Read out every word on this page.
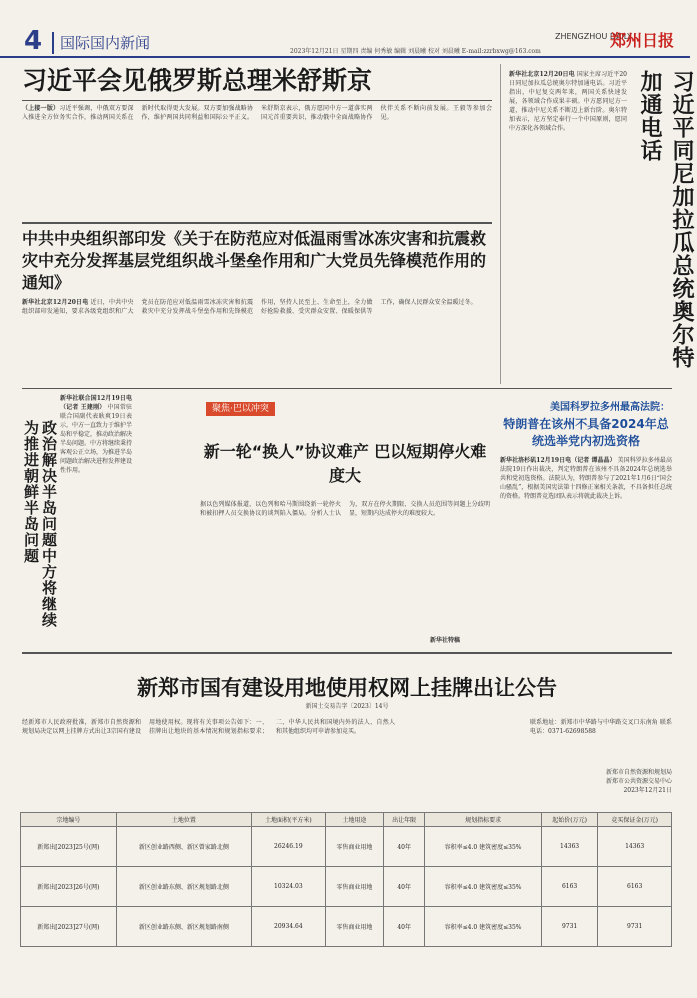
4	国际国内新闻	2023年12月21日 星期四 责编 何秀敏 编辑 刘晨曦 校对 刘晨曦 E-mail:zzrbxwg@163.com
ZHENGZHOU DAILY
郑州日报
习近平会见俄罗斯总理米舒斯京
（上接一版）习近平强调，中俄双方要深入推进全方位务实合作，推动两国关系在新时代取得更大发展。双方要加强战略协作，维护两国共同利益和国际公平正义。米舒斯京表示，俄方愿同中方一道落实两国元首重要共识，推动俄中全面战略协作伙伴关系不断向前发展。王毅等参加会见。
新华社北京12月20日电 国家主席习近平20日同尼加拉瓜总统奥尔特加通电话。习近平指出，中尼复交两年来，两国关系快速发展，各领域合作成果丰硕。中方愿同尼方一道，推动中尼关系不断迈上新台阶。奥尔特加表示，尼方坚定奉行一个中国原则，愿同中方深化各领域合作。	习近平同尼加拉瓜总统奥尔特加通电话
中共中央组织部印发《关于在防范应对低温雨雪冰冻灾害和抗震救灾中充分发挥基层党组织战斗堡垒作用和广大党员先锋模范作用的通知》
新华社北京12月20日电 近日，中共中央组织部印发通知，要求各级党组织和广大党员在防范应对低温雨雪冰冻灾害和抗震救灾中充分发挥战斗堡垒作用和先锋模范作用，坚持人民至上、生命至上，全力做好抢险救援、受灾群众安置、保暖保供等工作，确保人民群众安全温暖过冬。
新华社联合国12月19日电（记者 王建刚） 中国常驻联合国副代表耿爽19日表示，中方一直致力于维护半岛和平稳定，推动政治解决半岛问题。中方将继续秉持客观公正立场，为推进半岛问题政治解决进程发挥建设性作用。
政治解决半岛问题中方将继续为推进朝鲜半岛问题
聚焦·巴以冲突
新一轮“换人”协议难产 巴以短期停火难度大
据以色列媒体报道，以色列和哈马斯围绕新一轮停火和被扣押人员交换协议的谈判陷入僵局。分析人士认为，双方在停火期限、交换人员范围等问题上分歧明显，短期内达成停火的难度较大。
新华社特稿
美国科罗拉多州最高法院：
特朗普在该州不具备2024年总统选举党内初选资格
新华社洛杉矶12月19日电（记者 谭晶晶） 美国科罗拉多州最高法院19日作出裁决，判定特朗普在该州不具备2024年总统选举共和党初选资格。法院认为，特朗普参与了2021年1月6日“国会山骚乱”，根据美国宪法第十四修正案相关条款，不具备担任总统的资格。特朗普竞选团队表示将就此裁决上诉。
新郑市国有建设用地使用权网上挂牌出让公告
新国土交易告字〔2023〕14号
经新郑市人民政府批准，新郑市自然资源和规划局决定以网上挂牌方式出让3宗国有建设用地使用权。现将有关事项公告如下：一、挂牌出让地块的基本情况和规划指标要求；二、中华人民共和国境内外的法人、自然人和其他组织均可申请参加竞买。
联系地址：新郑市中华路与中华路交叉口东南角 联系电话：0371-62698588
新郑市自然资源和规划局
新郑市公共资源交易中心
2023年12月21日
宗地编号	土地位置	土地面积(平方米)	土地用途	出让年限	规划指标要求	起始价(万元)	竞买保证金(万元)
新郑出[2023]25号(网)	新区创业路西侧、新区曾家路北侧	26246.19	零售商业用地	40年	容积率≤4.0 建筑密度≤35%	14363	14363
新郑出[2023]26号(网)	新区创业路东侧、新区规划路北侧	10324.03	零售商业用地	40年	容积率≤4.0 建筑密度≤35%	6163	6163
新郑出[2023]27号(网)	新区创业路东侧、新区规划路南侧	20934.64	零售商业用地	40年	容积率≤4.0 建筑密度≤35%	9731	9731
